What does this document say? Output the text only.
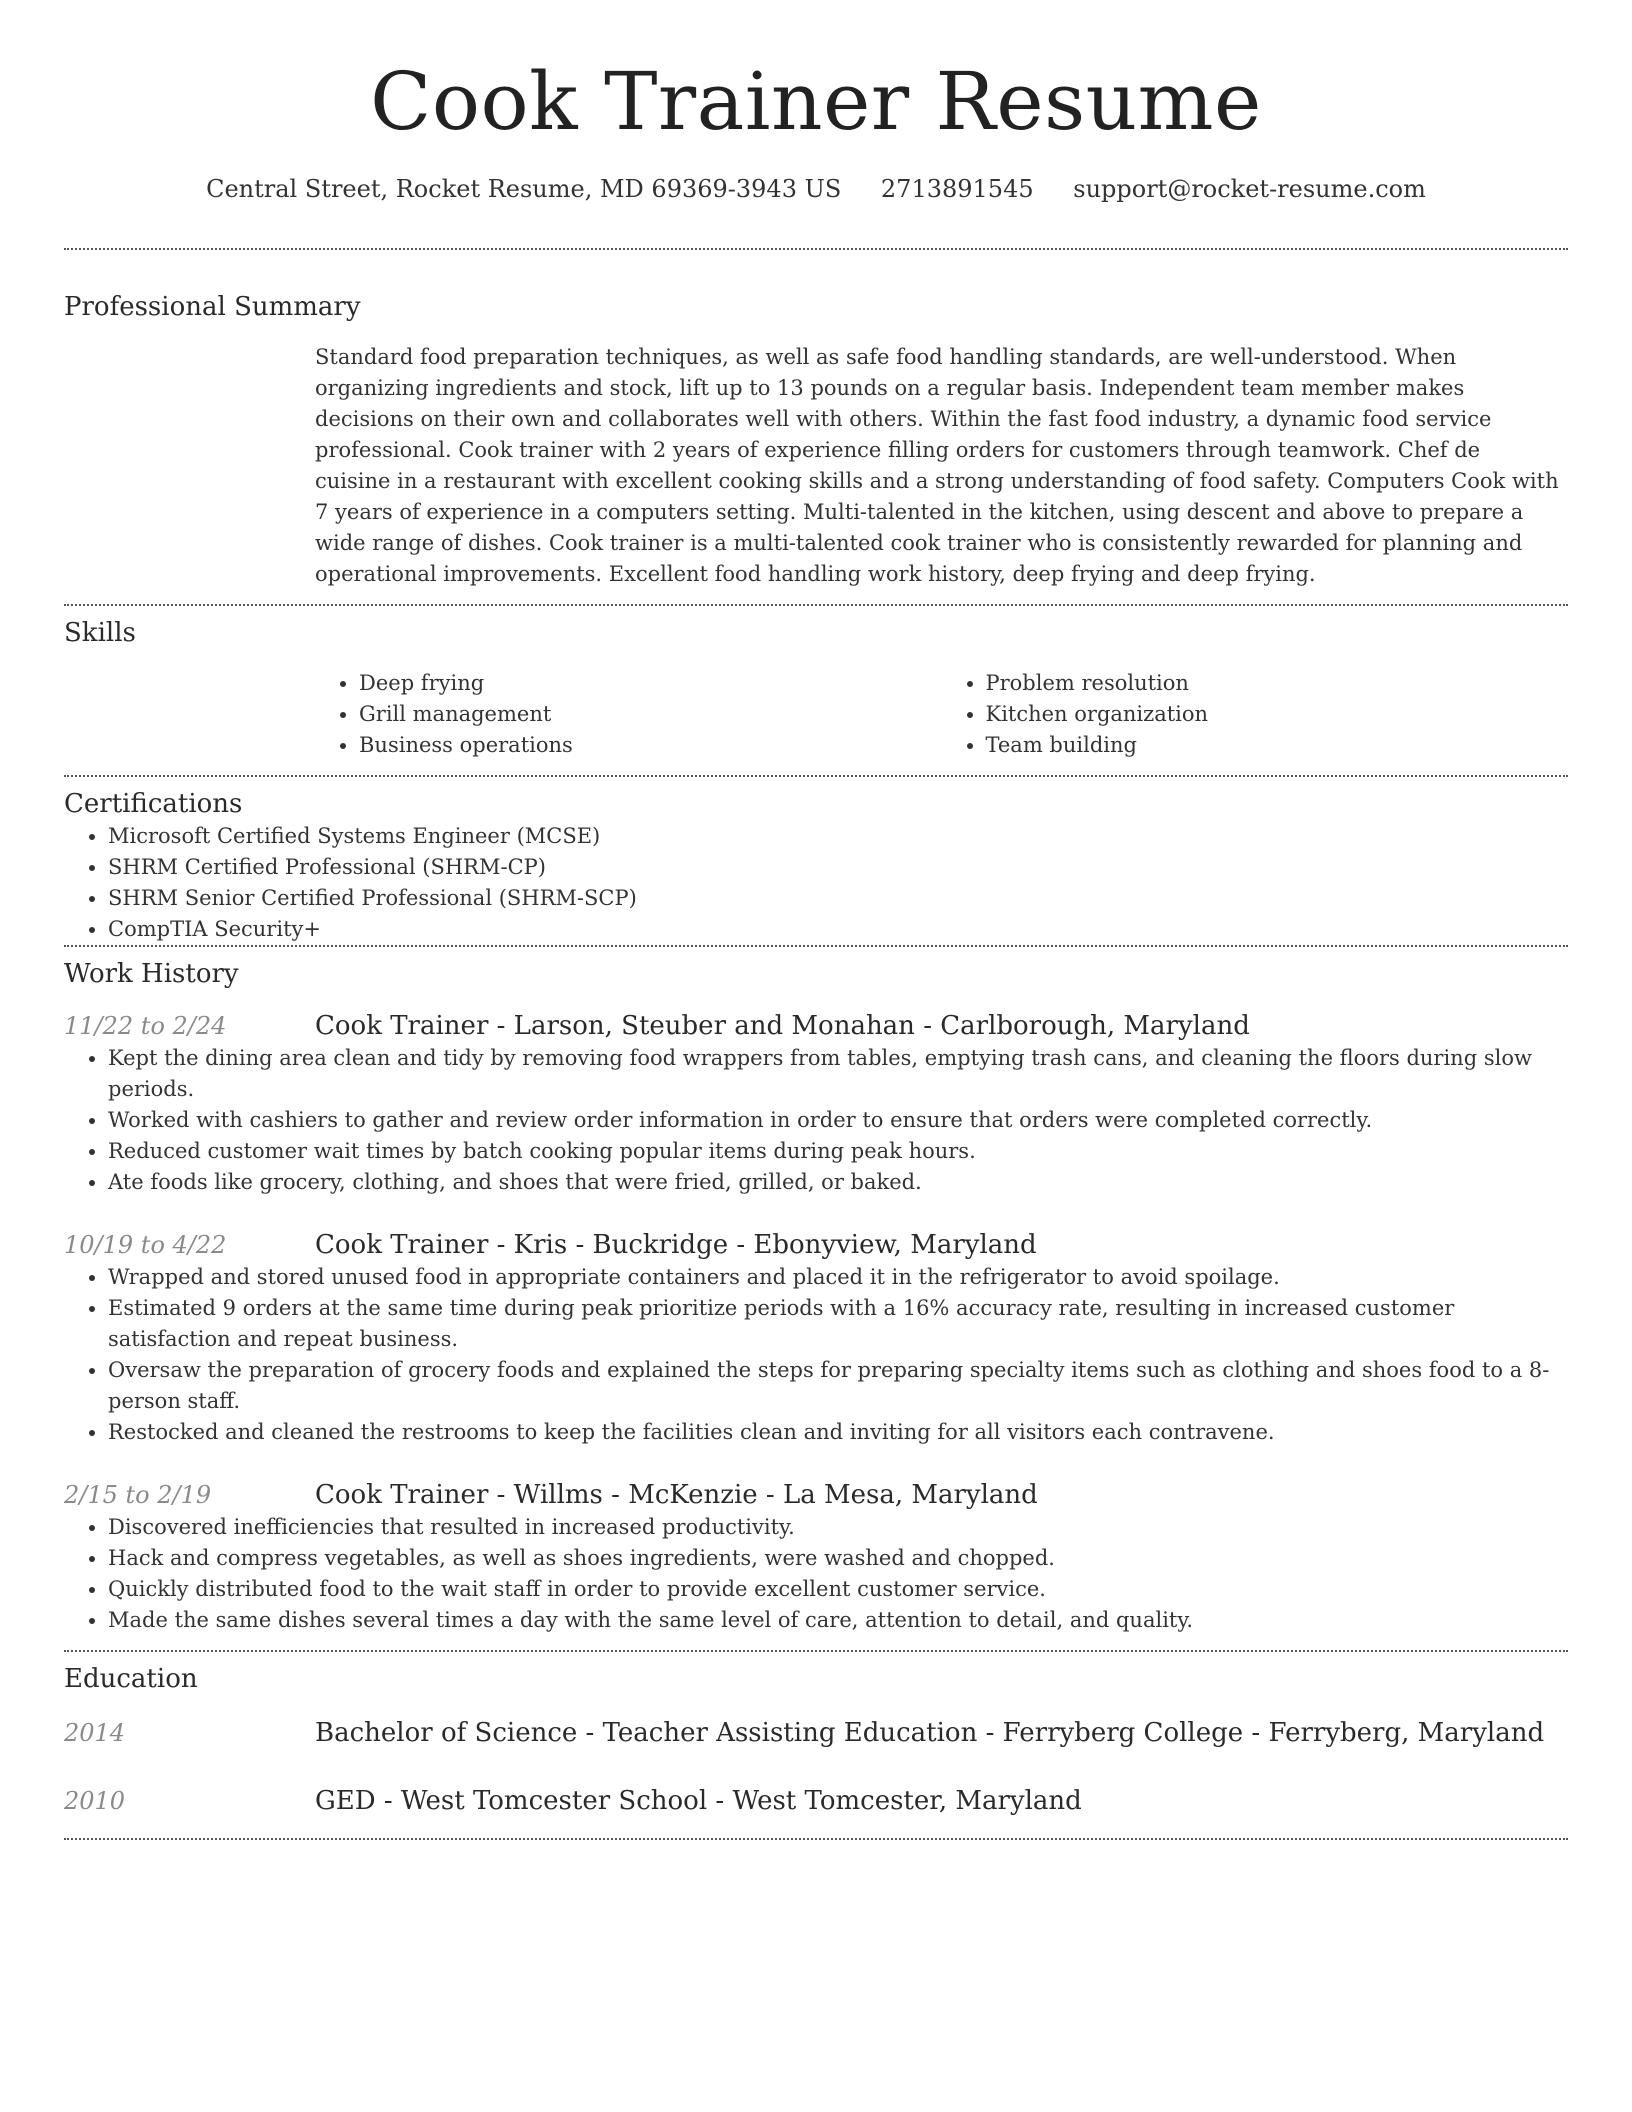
Cook Trainer Resume
Central Street, Rocket Resume, MD 69369-3943 US 2713891545 support@rocket-resume.com
Professional Summary
Standard food preparation techniques, as well as safe food handling standards, are well-understood. When organizing ingredients and stock, lift up to 13 pounds on a regular basis. Independent team member makes decisions on their own and collaborates well with others. Within the fast food industry, a dynamic food service professional. Cook trainer with 2 years of experience filling orders for customers through teamwork. Chef de cuisine in a restaurant with excellent cooking skills and a strong understanding of food safety. Computers Cook with 7 years of experience in a computers setting. Multi-talented in the kitchen, using descent and above to prepare a wide range of dishes. Cook trainer is a multi-talented cook trainer who is consistently rewarded for planning and operational improvements. Excellent food handling work history, deep frying and deep frying.
Skills
• Deep frying
• Grill management
• Business operations
• Problem resolution
• Kitchen organization
• Team building
Certifications
• Microsoft Certified Systems Engineer (MCSE)
• SHRM Certified Professional (SHRM-CP)
• SHRM Senior Certified Professional (SHRM-SCP)
• CompTIA Security+
Work History
11/22 to 2/24	Cook Trainer - Larson, Steuber and Monahan - Carlborough, Maryland
• Kept the dining area clean and tidy by removing food wrappers from tables, emptying trash cans, and cleaning the floors during slow periods.
• Worked with cashiers to gather and review order information in order to ensure that orders were completed correctly.
• Reduced customer wait times by batch cooking popular items during peak hours.
• Ate foods like grocery, clothing, and shoes that were fried, grilled, or baked.
10/19 to 4/22	Cook Trainer - Kris - Buckridge - Ebonyview, Maryland
• Wrapped and stored unused food in appropriate containers and placed it in the refrigerator to avoid spoilage.
• Estimated 9 orders at the same time during peak prioritize periods with a 16% accuracy rate, resulting in increased customer satisfaction and repeat business.
• Oversaw the preparation of grocery foods and explained the steps for preparing specialty items such as clothing and shoes food to a 8-person staff.
• Restocked and cleaned the restrooms to keep the facilities clean and inviting for all visitors each contravene.
2/15 to 2/19	Cook Trainer - Willms - McKenzie - La Mesa, Maryland
• Discovered inefficiencies that resulted in increased productivity.
• Hack and compress vegetables, as well as shoes ingredients, were washed and chopped.
• Quickly distributed food to the wait staff in order to provide excellent customer service.
• Made the same dishes several times a day with the same level of care, attention to detail, and quality.
Education
2014	Bachelor of Science - Teacher Assisting Education - Ferryberg College - Ferryberg, Maryland
2010	GED - West Tomcester School - West Tomcester, Maryland
